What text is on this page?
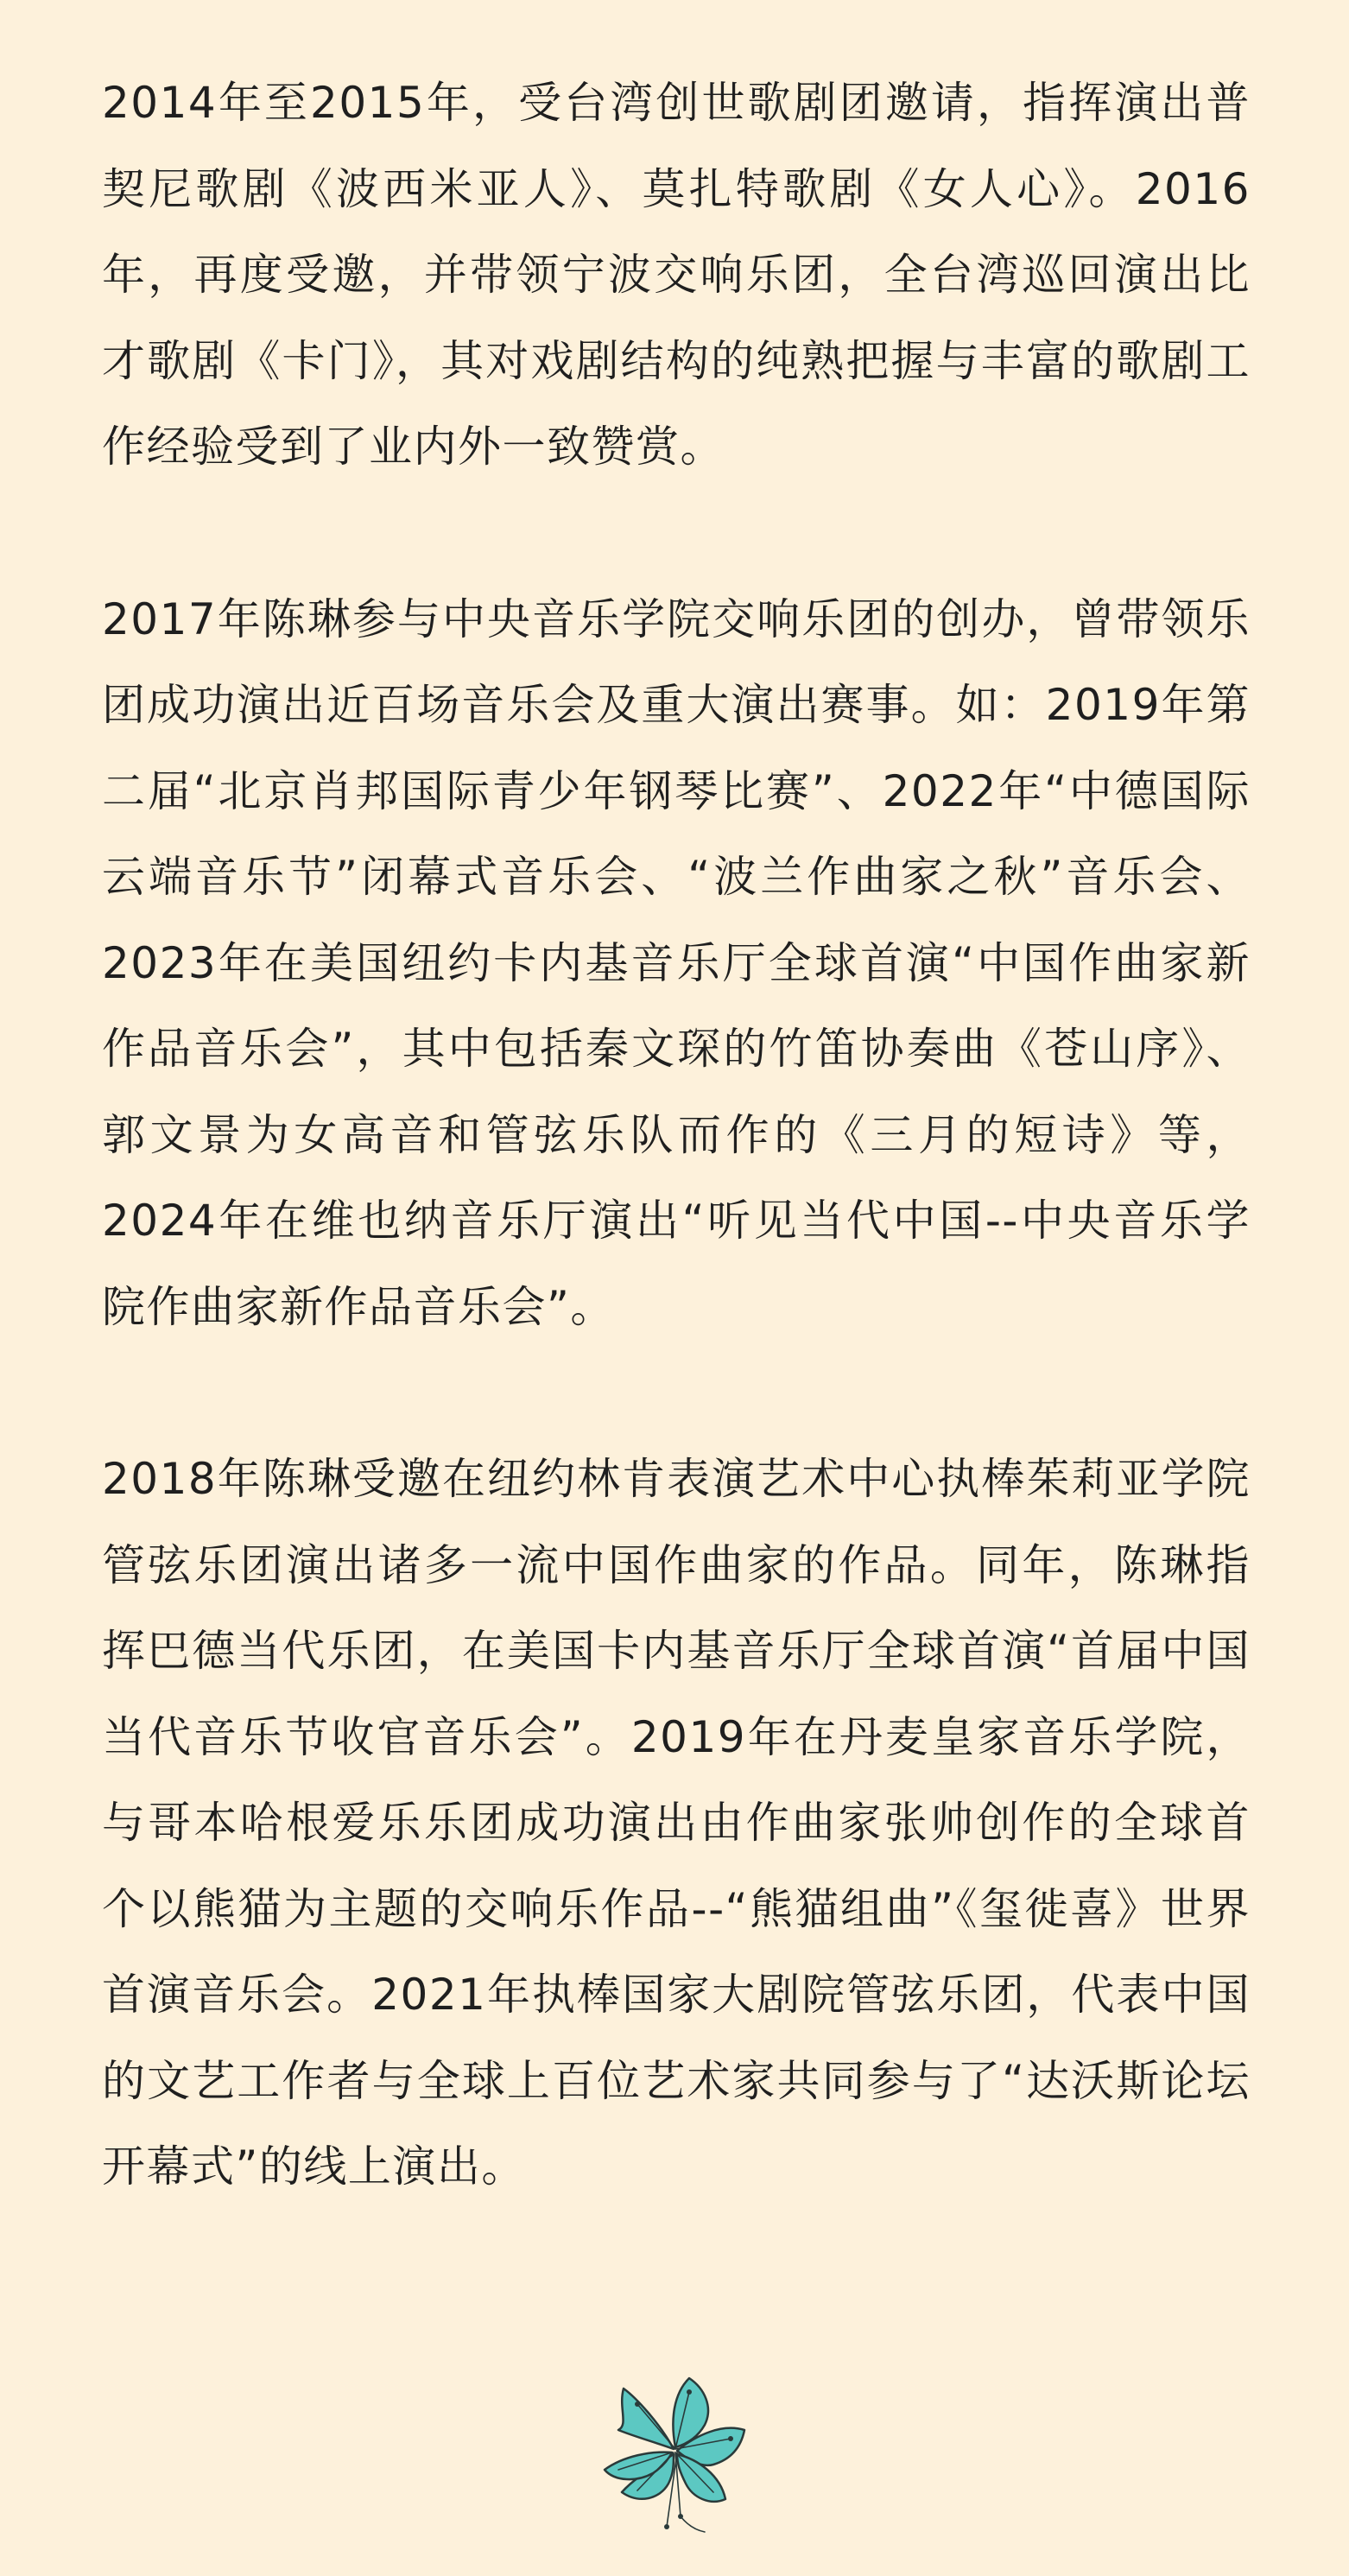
2014年至2015年，受台湾创世歌剧团邀请，指挥演出普契尼歌剧《波西米亚人》、莫扎特歌剧《女人心》。2016年，再度受邀，并带领宁波交响乐团，全台湾巡回演出比才歌剧《卡门》，其对戏剧结构的纯熟把握与丰富的歌剧工作经验受到了业内外一致赞赏。

2017年陈琳参与中央音乐学院交响乐团的创办，曾带领乐团成功演出近百场音乐会及重大演出赛事。如：2019年第二届“北京肖邦国际青少年钢琴比赛”、2022年“中德国际云端音乐节”闭幕式音乐会、“波兰作曲家之秋”音乐会、2023年在美国纽约卡内基音乐厅全球首演“中国作曲家新作品音乐会”，其中包括秦文琛的竹笛协奏曲《苍山序》、郭文景为女高音和管弦乐队而作的《三月的短诗》等，2024年在维也纳音乐厅演出“听见当代中国--中央音乐学院作曲家新作品音乐会”。

2018年陈琳受邀在纽约林肯表演艺术中心执棒茱莉亚学院管弦乐团演出诸多一流中国作曲家的作品。同年，陈琳指挥巴德当代乐团，在美国卡内基音乐厅全球首演“首届中国当代音乐节收官音乐会”。2019年在丹麦皇家音乐学院，与哥本哈根爱乐乐团成功演出由作曲家张帅创作的全球首个以熊猫为主题的交响乐作品--“熊猫组曲”《玺徙喜》世界首演音乐会。2021年执棒国家大剧院管弦乐团，代表中国的文艺工作者与全球上百位艺术家共同参与了“达沃斯论坛开幕式”的线上演出。
